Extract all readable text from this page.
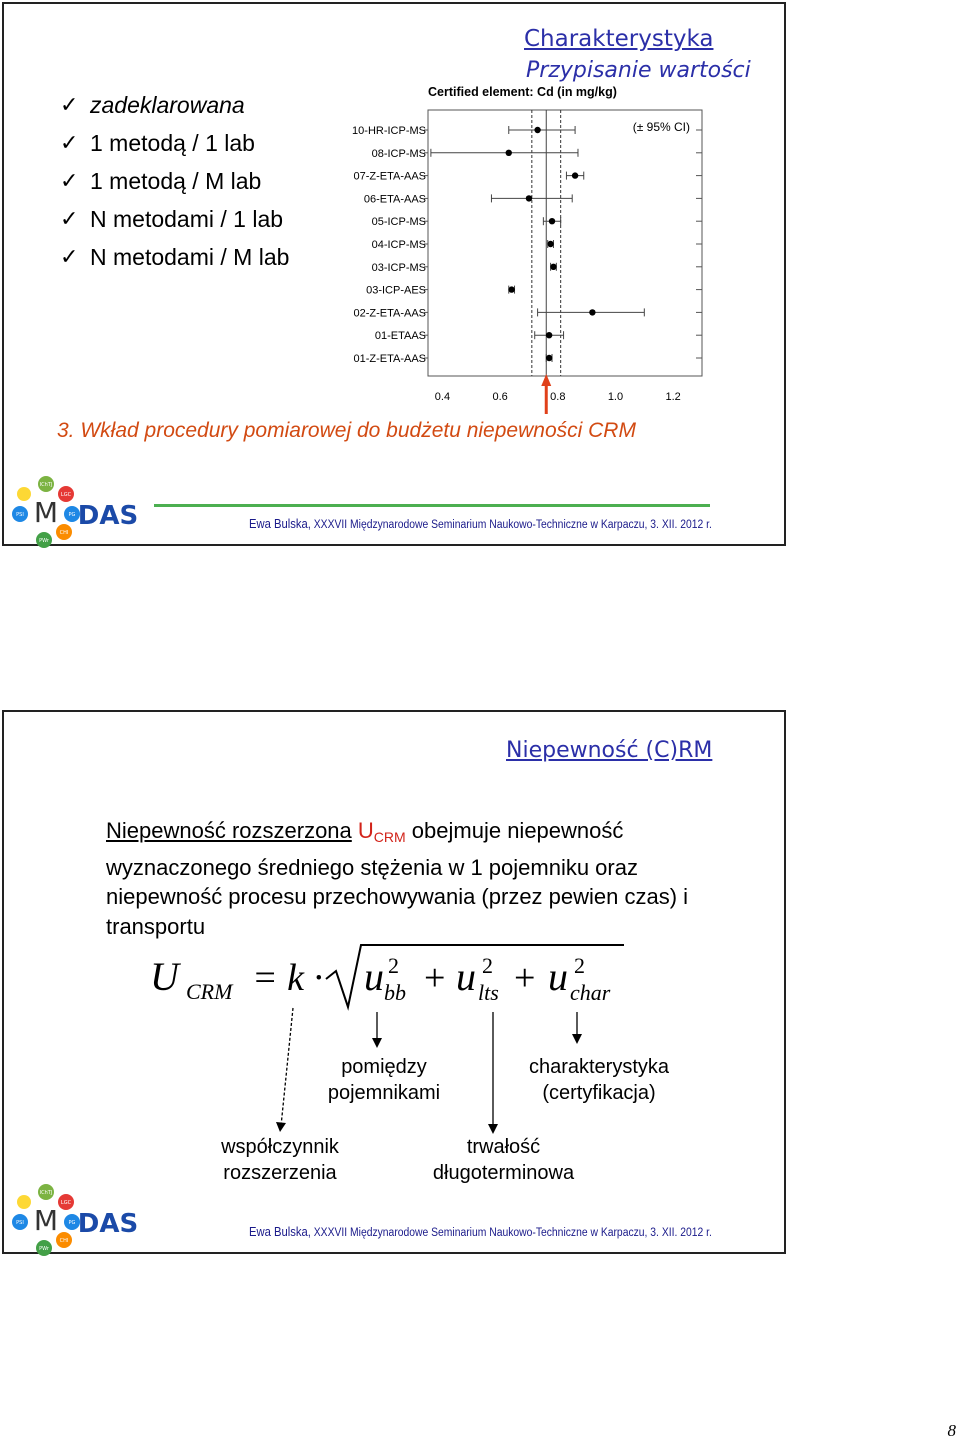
✓ zadeklarowana
✓ 1 metodą / 1 lab
✓ 1 metodą / M lab
✓ N metodami / 1 lab
✓ N metodami / M lab
Charakterystyka
Przypisanie wartości
Certified element: Cd (in mg/kg)
(± 95% CI)
10-HR-ICP-MS
08-ICP-MS
07-Z-ETA-AAS
06-ETA-AAS
05-ICP-MS
04-ICP-MS
03-ICP-MS
03-ICP-AES
02-Z-ETA-AAS
01-ETAAS
01-Z-ETA-AAS
0.4	0.6	0.8	1.0	1.2
3. Wkład procedury pomiarowej do budżetu niepewności CRM
IChTJ
LGC
PG
CHI
PWr
PSI M DAS	Ewa Bulska, XXXVII Międzynarodowe Seminarium Naukowo-Techniczne w Karpaczu, 3. XII. 2012 r.
Niepewność (C)RM
Niepewność rozszerzona $U_{CRM}$ obejmuje niepewność wyznaczonego średniego stężenia w 1 pojemniku oraz niepewność procesu przechowywania (przez pewien czas) i transportu
U CRM = k · u 2
bb + u 2
lts + u 2
char
pomiędzy
pojemnikami
charakterystyka
(certyfikacja)
współczynnik
rozszerzenia
trwałość
długoterminowa
IChTJ
LGC
PG
CHI
PWr
PSI M DAS	Ewa Bulska, XXXVII Międzynarodowe Seminarium Naukowo-Techniczne w Karpaczu, 3. XII. 2012 r.
8
